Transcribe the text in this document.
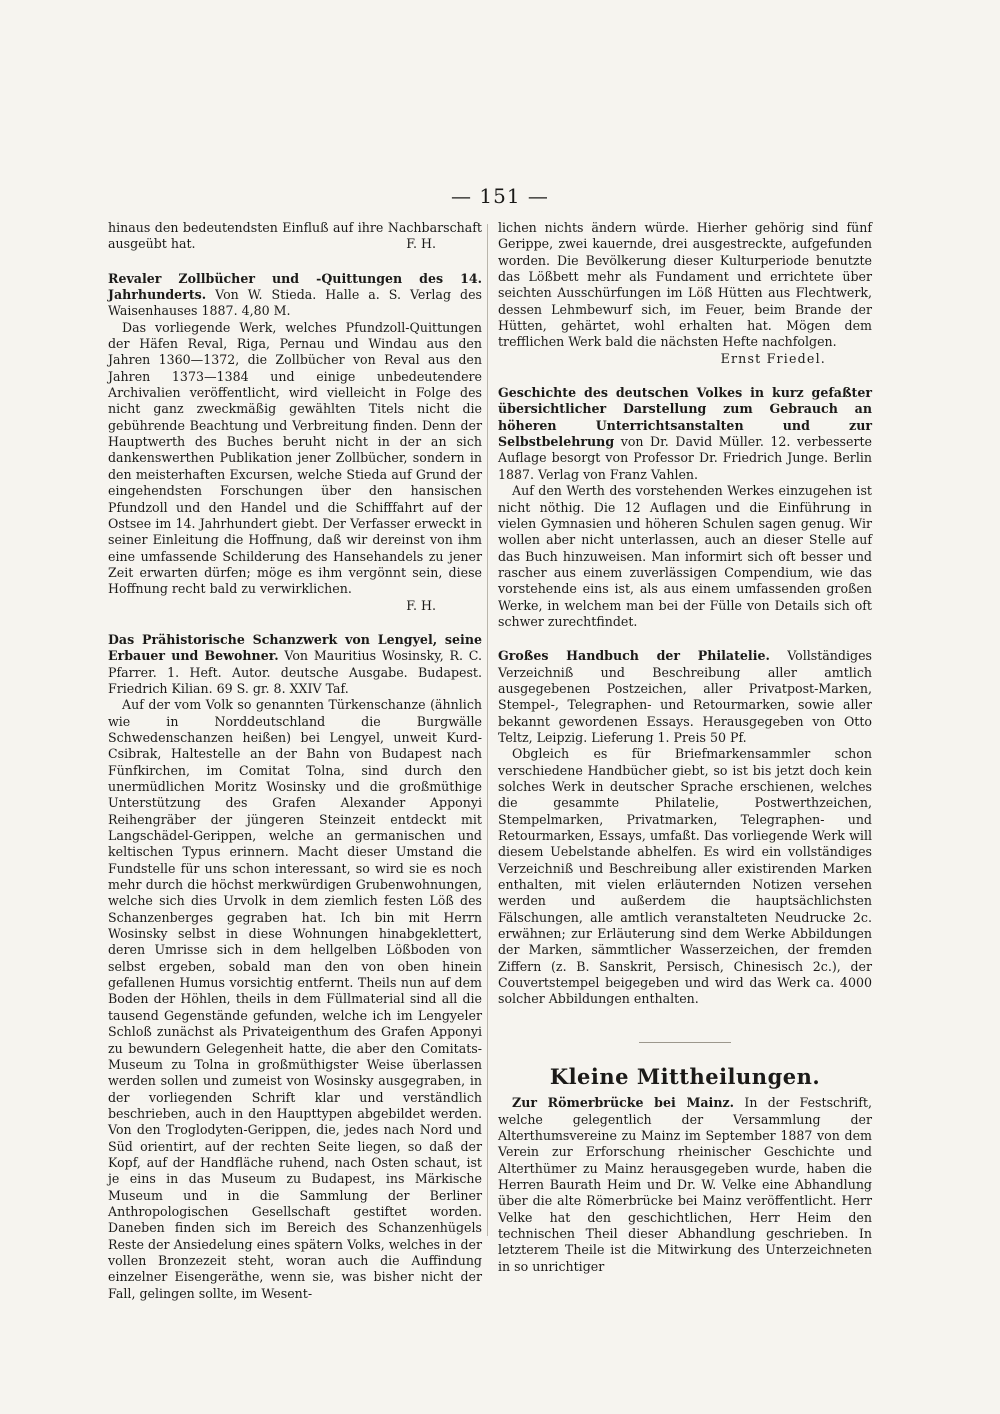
— 151 —

hinaus den bedeutendsten Einfluß auf ihre Nachbarschaft ausgeübt hat.	F. H.

Revaler Zollbücher und -Quittungen des 14. Jahrhunderts. Von W. Stieda. Halle a. S. Verlag des Waisenhauses 1887. 4,80 M.

Das vorliegende Werk, welches Pfundzoll-Quittungen der Häfen Reval, Riga, Pernau und Windau aus den Jahren 1360—1372, die Zollbücher von Reval aus den Jahren 1373—1384 und einige unbedeutendere Archivalien veröffentlicht, wird vielleicht in Folge des nicht ganz zweckmäßig gewählten Titels nicht die gebührende Beachtung und Verbreitung finden. Denn der Hauptwerth des Buches beruht nicht in der an sich dankenswerthen Publikation jener Zollbücher, sondern in den meisterhaften Excursen, welche Stieda auf Grund der eingehendsten Forschungen über den hansischen Pfundzoll und den Handel und die Schifffahrt auf der Ostsee im 14. Jahrhundert giebt. Der Verfasser erweckt in seiner Einleitung die Hoffnung, daß wir dereinst von ihm eine umfassende Schilderung des Hansehandels zu jener Zeit erwarten dürfen; möge es ihm vergönnt sein, diese Hoffnung recht bald zu verwirklichen.

F. H.

Das Prähistorische Schanzwerk von Lengyel, seine Erbauer und Bewohner. Von Mauritius Wosinsky, R. C. Pfarrer. 1. Heft. Autor. deutsche Ausgabe. Budapest. Friedrich Kilian. 69 S. gr. 8. XXIV Taf.

Auf der vom Volk so genannten Türkenschanze (ähnlich wie in Norddeutschland die Burgwälle Schwedenschanzen heißen) bei Lengyel, unweit Kurd-Csibrak, Haltestelle an der Bahn von Budapest nach Fünfkirchen, im Comitat Tolna, sind durch den unermüdlichen Moritz Wosinsky und die großmüthige Unterstützung des Grafen Alexander Apponyi Reihengräber der jüngeren Steinzeit entdeckt mit Langschädel-Gerippen, welche an germanischen und keltischen Typus erinnern. Macht dieser Umstand die Fundstelle für uns schon interessant, so wird sie es noch mehr durch die höchst merkwürdigen Grubenwohnungen, welche sich dies Urvolk in dem ziemlich festen Löß des Schanzenberges gegraben hat. Ich bin mit Herrn Wosinsky selbst in diese Wohnungen hinabgeklettert, deren Umrisse sich in dem hellgelben Lößboden von selbst ergeben, sobald man den von oben hinein gefallenen Humus vorsichtig entfernt. Theils nun auf dem Boden der Höhlen, theils in dem Füllmaterial sind all die tausend Gegenstände gefunden, welche ich im Lengyeler Schloß zunächst als Privateigenthum des Grafen Apponyi zu bewundern Gelegenheit hatte, die aber den Comitats-Museum zu Tolna in großmüthigster Weise überlassen werden sollen und zumeist von Wosinsky ausgegraben, in der vorliegenden Schrift klar und verständlich beschrieben, auch in den Haupttypen abgebildet werden. Von den Troglodyten-Gerippen, die, jedes nach Nord und Süd orientirt, auf der rechten Seite liegen, so daß der Kopf, auf der Handfläche ruhend, nach Osten schaut, ist je eins in das Museum zu Budapest, ins Märkische Museum und in die Sammlung der Berliner Anthropologischen Gesellschaft gestiftet worden. Daneben finden sich im Bereich des Schanzenhügels Reste der Ansiedelung eines spätern Volks, welches in der vollen Bronzezeit steht, woran auch die Auffindung einzelner Eisengeräthe, wenn sie, was bisher nicht der Fall, gelingen sollte, im Wesent-

lichen nichts ändern würde. Hierher gehörig sind fünf Gerippe, zwei kauernde, drei ausgestreckte, aufgefunden worden. Die Bevölkerung dieser Kulturperiode benutzte das Lößbett mehr als Fundament und errichtete über seichten Ausschürfungen im Löß Hütten aus Flechtwerk, dessen Lehmbewurf sich, im Feuer, beim Brande der Hütten, gehärtet, wohl erhalten hat. Mögen dem trefflichen Werk bald die nächsten Hefte nachfolgen.

Ernst Friedel.

Geschichte des deutschen Volkes in kurz gefaßter übersichtlicher Darstellung zum Gebrauch an höheren Unterrichtsanstalten und zur Selbstbelehrung von Dr. David Müller. 12. verbesserte Auflage besorgt von Professor Dr. Friedrich Junge. Berlin 1887. Verlag von Franz Vahlen.

Auf den Werth des vorstehenden Werkes einzugehen ist nicht nöthig. Die 12 Auflagen und die Einführung in vielen Gymnasien und höheren Schulen sagen genug. Wir wollen aber nicht unterlassen, auch an dieser Stelle auf das Buch hinzuweisen. Man informirt sich oft besser und rascher aus einem zuverlässigen Compendium, wie das vorstehende eins ist, als aus einem umfassenden großen Werke, in welchem man bei der Fülle von Details sich oft schwer zurechtfindet.

Großes Handbuch der Philatelie. Vollständiges Verzeichniß und Beschreibung aller amtlich ausgegebenen Postzeichen, aller Privatpost-Marken, Stempel-, Telegraphen- und Retourmarken, sowie aller bekannt gewordenen Essays. Herausgegeben von Otto Teltz, Leipzig. Lieferung 1. Preis 50 Pf.

Obgleich es für Briefmarkensammler schon verschiedene Handbücher giebt, so ist bis jetzt doch kein solches Werk in deutscher Sprache erschienen, welches die gesammte Philatelie, Postwerthzeichen, Stempelmarken, Privatmarken, Telegraphen- und Retourmarken, Essays, umfaßt. Das vorliegende Werk will diesem Uebelstande abhelfen. Es wird ein vollständiges Verzeichniß und Beschreibung aller existirenden Marken enthalten, mit vielen erläuternden Notizen versehen werden und außerdem die hauptsächlichsten Fälschungen, alle amtlich veranstalteten Neudrucke 2c. erwähnen; zur Erläuterung sind dem Werke Abbildungen der Marken, sämmtlicher Wasserzeichen, der fremden Ziffern (z. B. Sanskrit, Persisch, Chinesisch 2c.), der Couvertstempel beigegeben und wird das Werk ca. 4000 solcher Abbildungen enthalten.

Kleine Mittheilungen.

Zur Römerbrücke bei Mainz. In der Festschrift, welche gelegentlich der Versammlung der Alterthumsvereine zu Mainz im September 1887 von dem Verein zur Erforschung rheinischer Geschichte und Alterthümer zu Mainz herausgegeben wurde, haben die Herren Baurath Heim und Dr. W. Velke eine Abhandlung über die alte Römerbrücke bei Mainz veröffentlicht. Herr Velke hat den geschichtlichen, Herr Heim den technischen Theil dieser Abhandlung geschrieben. In letzterem Theile ist die Mitwirkung des Unterzeichneten in so unrichtiger
